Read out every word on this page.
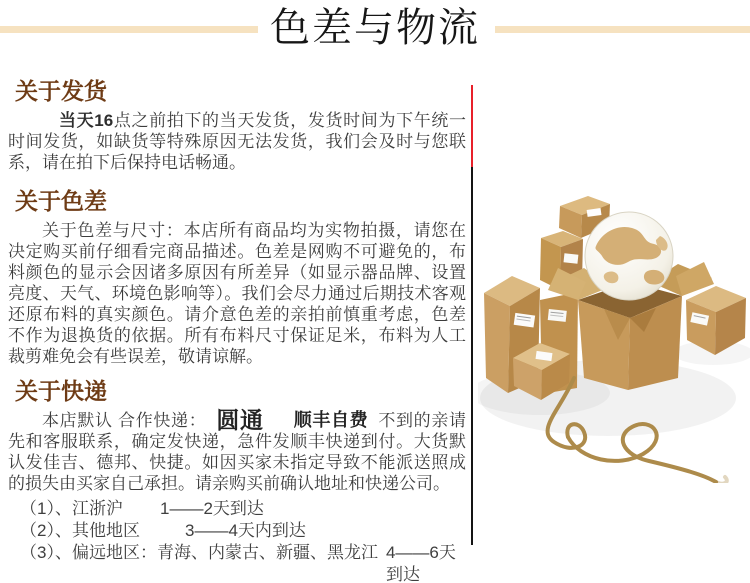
色差与物流
关于发货

当天16点之前拍下的当天发货，发货时间为下午统一时间发货，如缺货等特殊原因无法发货，我们会及时与您联系，请在拍下后保持电话畅通。

关于色差

关于色差与尺寸：本店所有商品均为实物拍摄，请您在决定购买前仔细看完商品描述。色差是网购不可避免的，布料颜色的显示会因诸多原因有所差异（如显示器品牌、设置亮度、天气、环境色影响等）。我们会尽力通过后期技术客观还原布料的真实颜色。请介意色差的亲拍前慎重考虑，色差不作为退换货的依据。所有布料尺寸保证足米，布料为人工裁剪难免会有些误差，敬请谅解。

关于快递

本店默认 合作快递： 圆通 顺丰自费 不到的亲请先和客服联系，确定发快递，急件发顺丰快递到付。大货默认发佳吉、德邦、快捷。如因买家未指定导致不能派送照成的损失由买家自己承担。请亲购买前确认地址和快递公司。

（1）、江浙沪	1——2天到达
（2）、其他地区	3——4天内到达
（3）、偏远地区：青海、内蒙古、新疆、黑龙江 4——6天到达
